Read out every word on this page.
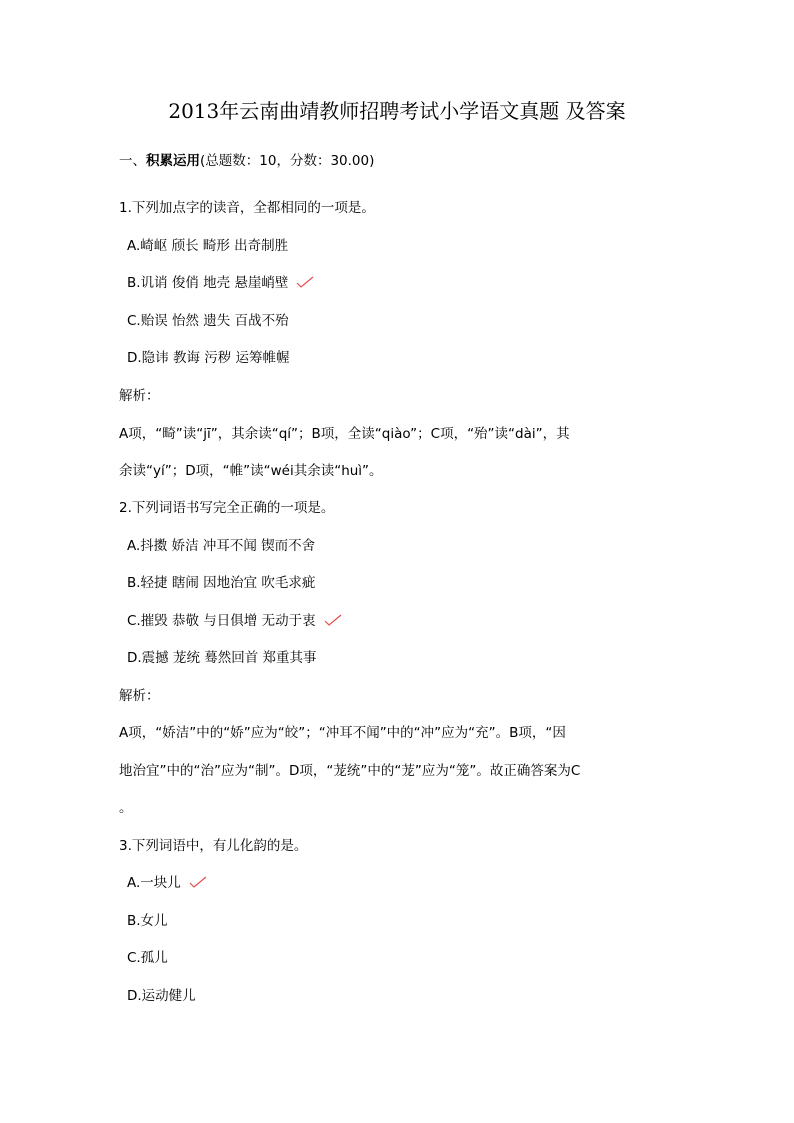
2013年云南曲靖教师招聘考试小学语文真题 及答案
一、积累运用(总题数：10，分数：30.00)
1.下列加点字的读音，全都相同的一项是。
A.崎岖 颀长 畸形 出奇制胜
B.讥诮 俊俏 地壳 悬崖峭壁
C.贻误 怡然 遗失 百战不殆
D.隐讳 教诲 污秽 运筹帷幄
解析：
A项，“畸”读“jī”，其余读“qí”；B项，全读“qiào”；C项，“殆”读“dài”，其
余读“yí”；D项，“帷”读“wéi其余读“huì”。
2.下列词语书写完全正确的一项是。
A.抖擞 娇洁 冲耳不闻 锲而不舍
B.轻捷 瞎闹 因地治宜 吹毛求疵
C.摧毁 恭敬 与日俱增 无动于衷
D.震撼 茏统 蓦然回首 郑重其事
解析：
A项，“娇洁”中的“娇”应为“皎”；“冲耳不闻”中的“冲”应为“充”。B项，“因
地治宜”中的“治”应为“制”。D项，“茏统”中的“茏”应为“笼”。故正确答案为C
。
3.下列词语中，有儿化韵的是。
A.一块儿
B.女儿
C.孤儿
D.运动健儿
